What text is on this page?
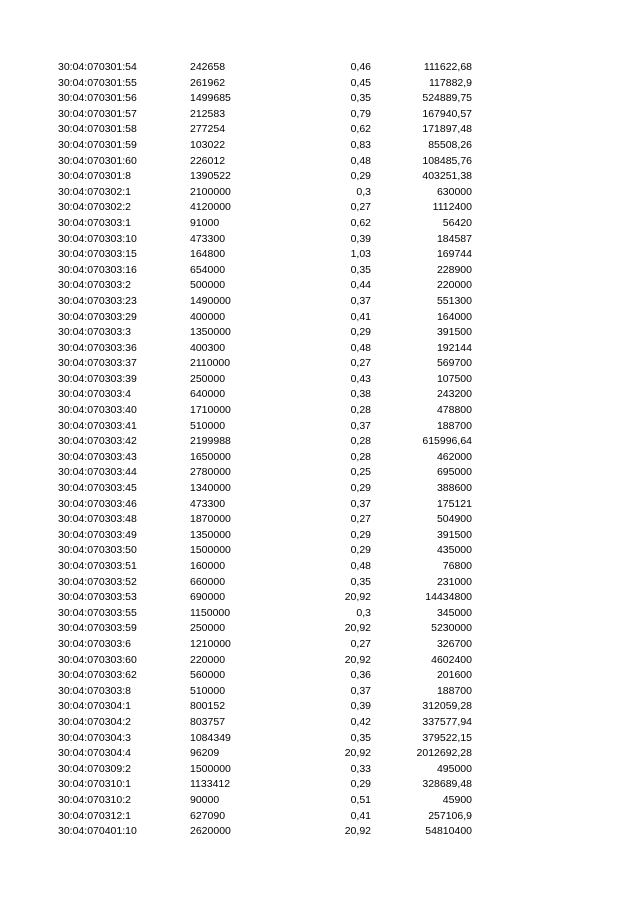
30:04:070301:54	242658	0,46	111622,68
30:04:070301:55	261962	0,45	117882,9
30:04:070301:56	1499685	0,35	524889,75
30:04:070301:57	212583	0,79	167940,57
30:04:070301:58	277254	0,62	171897,48
30:04:070301:59	103022	0,83	85508,26
30:04:070301:60	226012	0,48	108485,76
30:04:070301:8	1390522	0,29	403251,38
30:04:070302:1	2100000	0,3	630000
30:04:070302:2	4120000	0,27	1112400
30:04:070303:1	91000	0,62	56420
30:04:070303:10	473300	0,39	184587
30:04:070303:15	164800	1,03	169744
30:04:070303:16	654000	0,35	228900
30:04:070303:2	500000	0,44	220000
30:04:070303:23	1490000	0,37	551300
30:04:070303:29	400000	0,41	164000
30:04:070303:3	1350000	0,29	391500
30:04:070303:36	400300	0,48	192144
30:04:070303:37	2110000	0,27	569700
30:04:070303:39	250000	0,43	107500
30:04:070303:4	640000	0,38	243200
30:04:070303:40	1710000	0,28	478800
30:04:070303:41	510000	0,37	188700
30:04:070303:42	2199988	0,28	615996,64
30:04:070303:43	1650000	0,28	462000
30:04:070303:44	2780000	0,25	695000
30:04:070303:45	1340000	0,29	388600
30:04:070303:46	473300	0,37	175121
30:04:070303:48	1870000	0,27	504900
30:04:070303:49	1350000	0,29	391500
30:04:070303:50	1500000	0,29	435000
30:04:070303:51	160000	0,48	76800
30:04:070303:52	660000	0,35	231000
30:04:070303:53	690000	20,92	14434800
30:04:070303:55	1150000	0,3	345000
30:04:070303:59	250000	20,92	5230000
30:04:070303:6	1210000	0,27	326700
30:04:070303:60	220000	20,92	4602400
30:04:070303:62	560000	0,36	201600
30:04:070303:8	510000	0,37	188700
30:04:070304:1	800152	0,39	312059,28
30:04:070304:2	803757	0,42	337577,94
30:04:070304:3	1084349	0,35	379522,15
30:04:070304:4	96209	20,92	2012692,28
30:04:070309:2	1500000	0,33	495000
30:04:070310:1	1133412	0,29	328689,48
30:04:070310:2	90000	0,51	45900
30:04:070312:1	627090	0,41	257106,9
30:04:070401:10	2620000	20,92	54810400
